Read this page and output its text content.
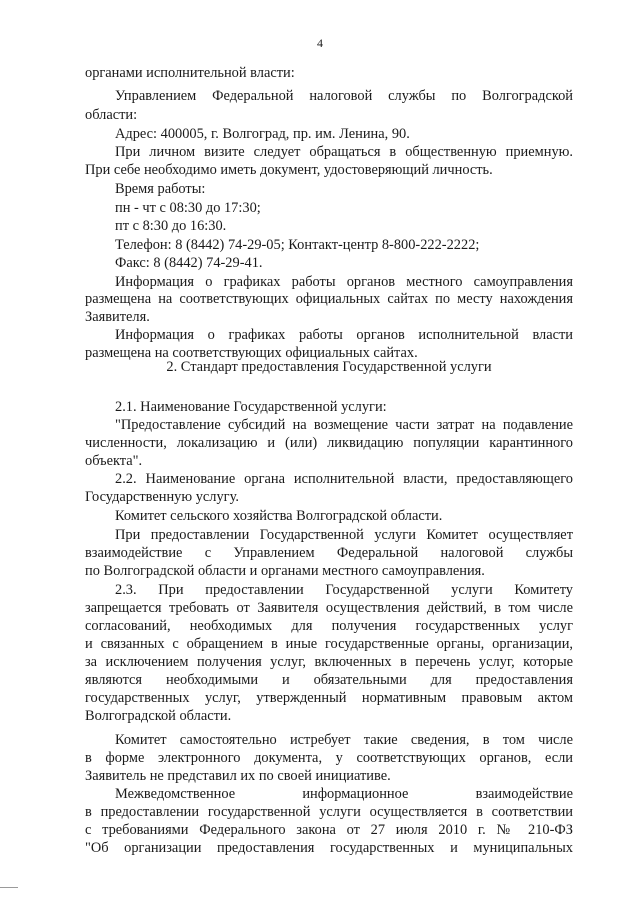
4
органами исполнительной власти:
Управлением Федеральной налоговой службы по Волгоградской
области:
Адрес: 400005, г. Волгоград, пр. им. Ленина, 90.
При личном визите следует обращаться в общественную приемную.
При себе необходимо иметь документ, удостоверяющий личность.
Время работы:
пн - чт с 08:30 до 17:30;
пт с 8:30 до 16:30.
Телефон: 8 (8442) 74-29-05; Контакт-центр 8-800-222-2222;
Факс: 8 (8442) 74-29-41.
Информация о графиках работы органов местного самоуправления
размещена на соответствующих официальных сайтах по месту нахождения
Заявителя.
Информация о графиках работы органов исполнительной власти
размещена на соответствующих официальных сайтах.
2. Стандарт предоставления Государственной услуги
2.1. Наименование Государственной услуги:
"Предоставление субсидий на возмещение части затрат на подавление
численности, локализацию и (или) ликвидацию популяции карантинного
объекта".
2.2. Наименование органа исполнительной власти, предоставляющего
Государственную услугу.
Комитет сельского хозяйства Волгоградской области.
При предоставлении Государственной услуги Комитет осуществляет
взаимодействие с Управлением Федеральной налоговой службы
по Волгоградской области и органами местного самоуправления.
2.3. При предоставлении Государственной услуги Комитету
запрещается требовать от Заявителя осуществления действий, в том числе
согласований, необходимых для получения государственных услуг
и связанных с обращением в иные государственные органы, организации,
за исключением получения услуг, включенных в перечень услуг, которые
являются необходимыми и обязательными для предоставления
государственных услуг, утвержденный нормативным правовым актом
Волгоградской области.
Комитет самостоятельно истребует такие сведения, в том числе
в форме электронного документа, у соответствующих органов, если
Заявитель не представил их по своей инициативе.
Межведомственное информационное взаимодействие
в предоставлении государственной услуги осуществляется в соответствии
с требованиями Федерального закона от 27 июля 2010 г. № 210-ФЗ
"Об организации предоставления государственных и муниципальных
